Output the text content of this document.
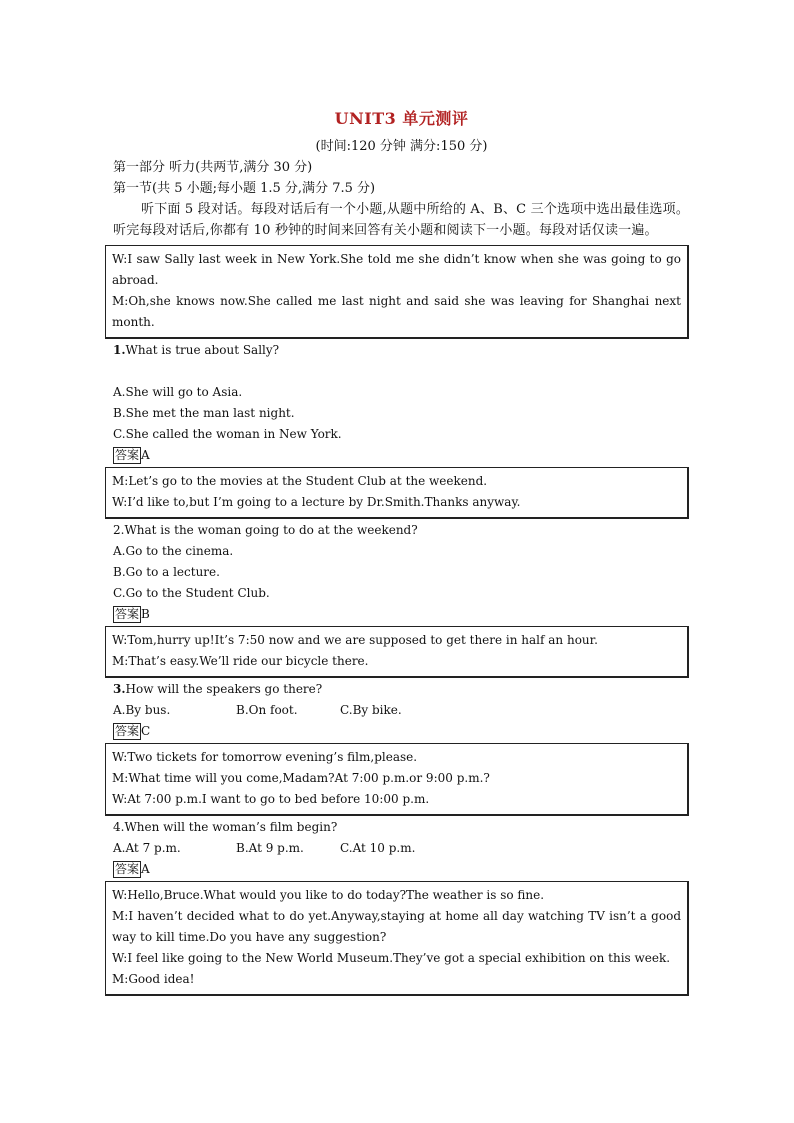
UNIT3 单元测评
(时间:120 分钟 满分:150 分)
第一部分 听力(共两节,满分 30 分)
第一节(共 5 小题;每小题 1.5 分,满分 7.5 分)
听下面 5 段对话。每段对话后有一个小题,从题中所给的 A、B、C 三个选项中选出最佳选项。听完每段对话后,你都有 10 秒钟的时间来回答有关小题和阅读下一小题。每段对话仅读一遍。

W:I saw Sally last week in New York.She told me she didn’t know when she was going to go abroad.

M:Oh,she knows now.She called me last night and said she was leaving for Shanghai next month.

1.What is true about Sally?
A.She will go to Asia.
B.She met the man last night.
C.She called the woman in New York.
答案 A

M:Let’s go to the movies at the Student Club at the weekend.

W:I’d like to,but I’m going to a lecture by Dr.Smith.Thanks anyway.

2.What is the woman going to do at the weekend?
A.Go to the cinema.
B.Go to a lecture.
C.Go to the Student Club.
答案 B

W:Tom,hurry up!It’s 7:50 now and we are supposed to get there in half an hour.

M:That’s easy.We’ll ride our bicycle there.

3.How will the speakers go there?
A.By bus.	B.On foot.	C.By bike.
答案 C

W:Two tickets for tomorrow evening’s film,please.

M:What time will you come,Madam?At 7:00 p.m.or 9:00 p.m.?

W:At 7:00 p.m.I want to go to bed before 10:00 p.m.

4.When will the woman’s film begin?
A.At 7 p.m.	B.At 9 p.m.	C.At 10 p.m.
答案 A

W:Hello,Bruce.What would you like to do today?The weather is so fine.

M:I haven’t decided what to do yet.Anyway,staying at home all day watching TV isn’t a good way to kill time.Do you have any suggestion?

W:I feel like going to the New World Museum.They’ve got a special exhibition on this week.

M:Good idea!
